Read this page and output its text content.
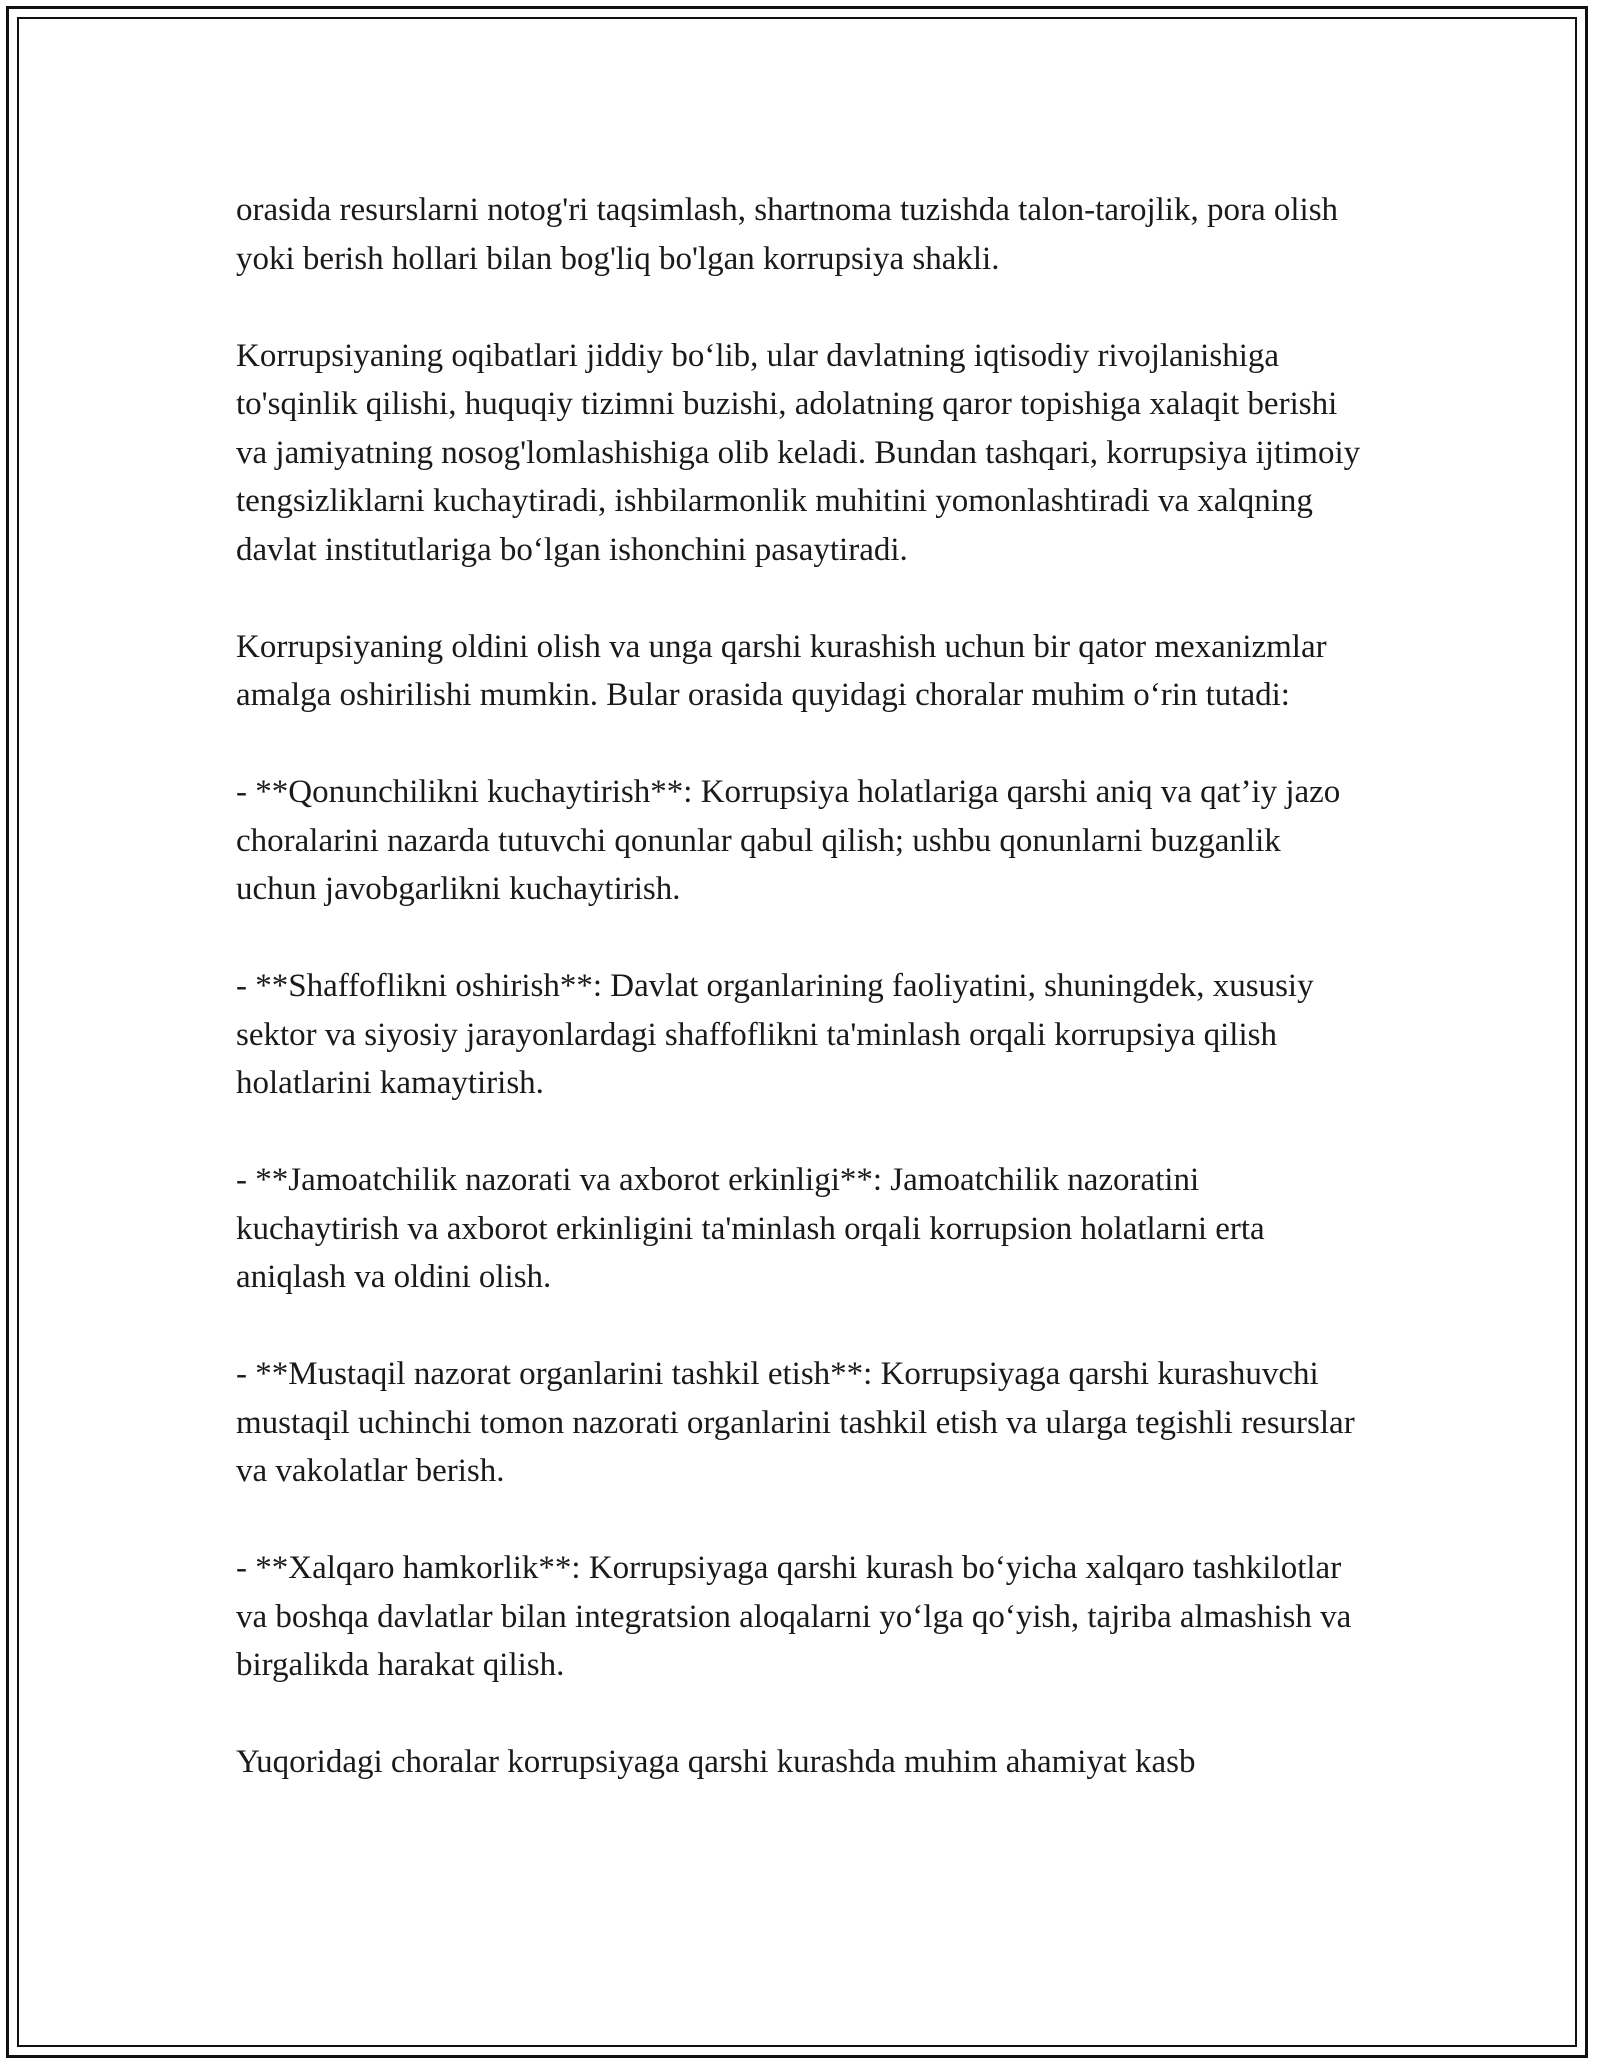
orasida resurslarni notog'ri taqsimlash, shartnoma tuzishda talon-tarojlik, pora olish yoki berish hollari bilan bog'liq bo'lgan korrupsiya shakli.

Korrupsiyaning oqibatlari jiddiy bo‘lib, ular davlatning iqtisodiy rivojlanishiga to'sqinlik qilishi, huquqiy tizimni buzishi, adolatning qaror topishiga xalaqit berishi va jamiyatning nosog'lomlashishiga olib keladi. Bundan tashqari, korrupsiya ijtimoiy tengsizliklarni kuchaytiradi, ishbilarmonlik muhitini yomonlashtiradi va xalqning davlat institutlariga bo‘lgan ishonchini pasaytiradi.

Korrupsiyaning oldini olish va unga qarshi kurashish uchun bir qator mexanizmlar amalga oshirilishi mumkin. Bular orasida quyidagi choralar muhim o‘rin tutadi:

- **Qonunchilikni kuchaytirish**: Korrupsiya holatlariga qarshi aniq va qat’iy jazo choralarini nazarda tutuvchi qonunlar qabul qilish; ushbu qonunlarni buzganlik uchun javobgarlikni kuchaytirish.

- **Shaffoflikni oshirish**: Davlat organlarining faoliyatini, shuningdek, xususiy sektor va siyosiy jarayonlardagi shaffoflikni ta'minlash orqali korrupsiya qilish holatlarini kamaytirish.

- **Jamoatchilik nazorati va axborot erkinligi**: Jamoatchilik nazoratini kuchaytirish va axborot erkinligini ta'minlash orqali korrupsion holatlarni erta aniqlash va oldini olish.

- **Mustaqil nazorat organlarini tashkil etish**: Korrupsiyaga qarshi kurashuvchi mustaqil uchinchi tomon nazorati organlarini tashkil etish va ularga tegishli resurslar va vakolatlar berish.

- **Xalqaro hamkorlik**: Korrupsiyaga qarshi kurash bo‘yicha xalqaro tashkilotlar va boshqa davlatlar bilan integratsion aloqalarni yo‘lga qo‘yish, tajriba almashish va birgalikda harakat qilish.

Yuqoridagi choralar korrupsiyaga qarshi kurashda muhim ahamiyat kasb
